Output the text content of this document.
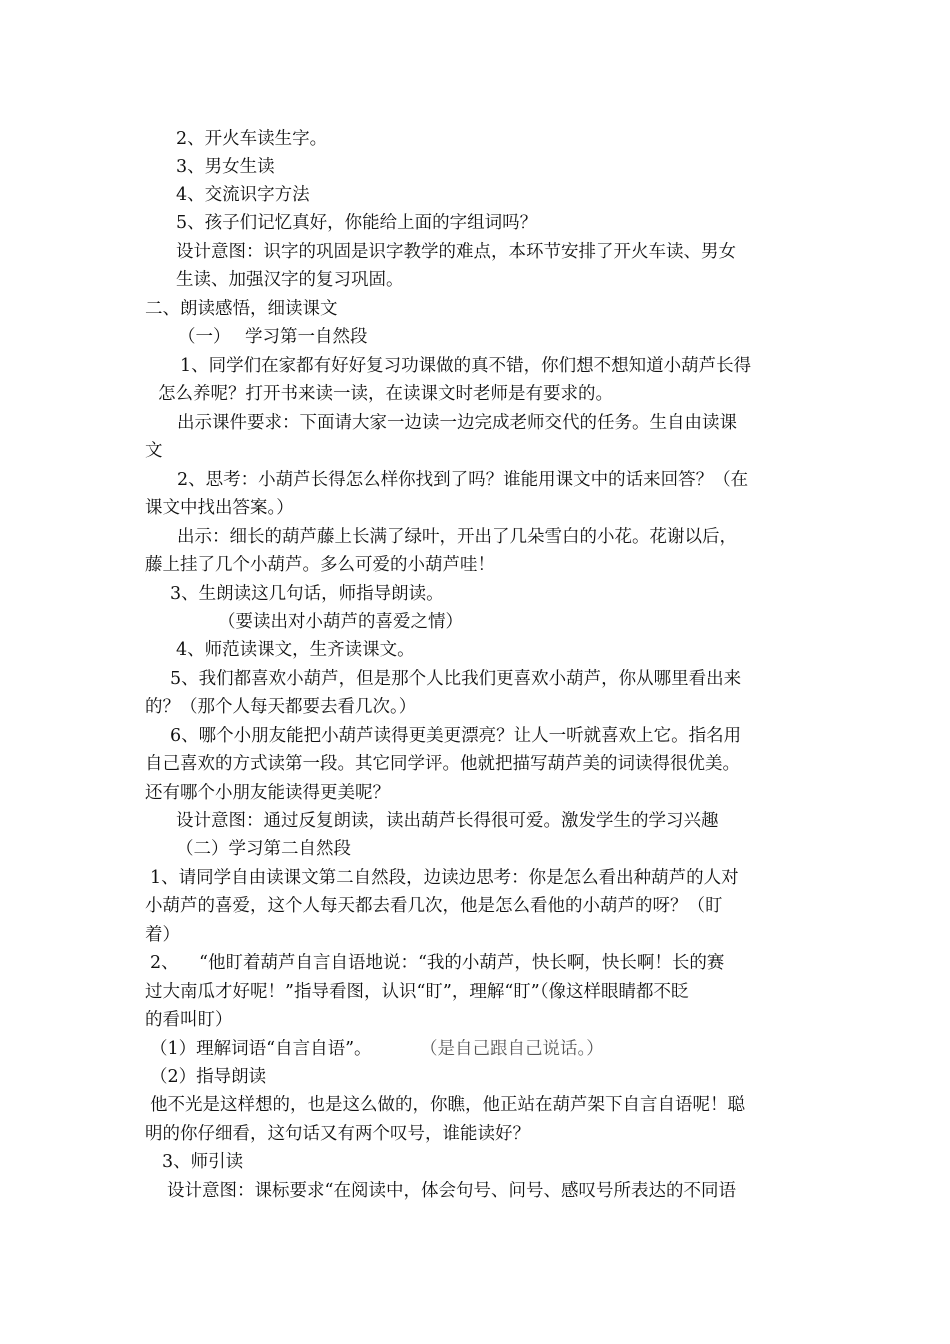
2、开火车读生字。
3、男女生读
4、交流识字方法
5、孩子们记忆真好，你能给上面的字组词吗？
设计意图：识字的巩固是识字教学的难点，本环节安排了开火车读、男女
生读、加强汉字的复习巩固。
二、朗读感悟，细读课文
（一） 学习第一自然段
1、同学们在家都有好好复习功课做的真不错，你们想不想知道小葫芦长得
怎么养呢？打开书来读一读，在读课文时老师是有要求的。
出示课件要求：下面请大家一边读一边完成老师交代的任务。生自由读课
文
2、思考：小葫芦长得怎么样你找到了吗？谁能用课文中的话来回答？（在
课文中找出答案。）
出示：细长的葫芦藤上长满了绿叶，开出了几朵雪白的小花。花谢以后，
藤上挂了几个小葫芦。多么可爱的小葫芦哇！
3、生朗读这几句话，师指导朗读。
（要读出对小葫芦的喜爱之情）
4、师范读课文，生齐读课文。
5、我们都喜欢小葫芦，但是那个人比我们更喜欢小葫芦，你从哪里看出来
的？（那个人每天都要去看几次。）
6、哪个小朋友能把小葫芦读得更美更漂亮？让人一听就喜欢上它。指名用
自己喜欢的方式读第一段。其它同学评。他就把描写葫芦美的词读得很优美。
还有哪个小朋友能读得更美呢？
设计意图：通过反复朗读，读出葫芦长得很可爱。激发学生的学习兴趣
（二）学习第二自然段
1、请同学自由读课文第二自然段，边读边思考：你是怎么看出种葫芦的人对
小葫芦的喜爱，这个人每天都去看几次，他是怎么看他的小葫芦的呀？（盯
着）
2、 “他盯着葫芦自言自语地说：“我的小葫芦，快长啊，快长啊！长的赛
过大南瓜才好呢！”指导看图，认识“盯”，理解“盯”（像这样眼睛都不眨
的看叫盯）
（1）理解词语“自言自语”。	（是自己跟自己说话。）
（2）指导朗读
他不光是这样想的，也是这么做的，你瞧，他正站在葫芦架下自言自语呢！聪
明的你仔细看，这句话又有两个叹号，谁能读好？
3、师引读
设计意图：课标要求“在阅读中，体会句号、问号、感叹号所表达的不同语
